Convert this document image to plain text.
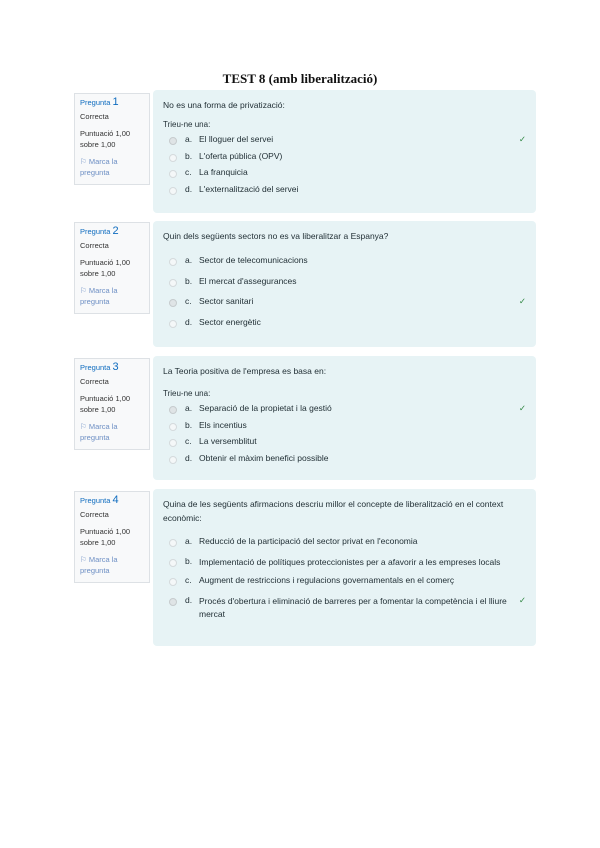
TEST 8 (amb liberalització)
Pregunta 1
Correcta
Puntuació 1,00 sobre 1,00
⚐ Marca la pregunta
No es una forma de privatizació:
Trieu-ne una:
a. El lloguer del servei	✓
b. L'oferta pública (OPV)
c. La franquicia
d. L'externalització del servei
Pregunta 2
Correcta
Puntuació 1,00 sobre 1,00
⚐ Marca la pregunta
Quin dels següents sectors no es va liberalitzar a Espanya?
a. Sector de telecomunicacions
b. El mercat d'assegurances
c. Sector sanitari	✓
d. Sector energètic
Pregunta 3
Correcta
Puntuació 1,00 sobre 1,00
⚐ Marca la pregunta
La Teoria positiva de l'empresa es basa en:
Trieu-ne una:
a. Separació de la propietat i la gestió	✓
b. Els incentius
c. La versemblitut
d. Obtenir el màxim benefici possible
Pregunta 4
Correcta
Puntuació 1,00 sobre 1,00
⚐ Marca la pregunta
Quina de les següents afirmacions descriu millor el concepte de liberalització en el context econòmic:
a. Reducció de la participació del sector privat en l'economia
b. Implementació de polítiques proteccionistes per a afavorir a les empreses locals
c. Augment de restriccions i regulacions governamentals en el comerç
d. Procés d'obertura i eliminació de barreres per a fomentar la competència i el lliure mercat
✓
